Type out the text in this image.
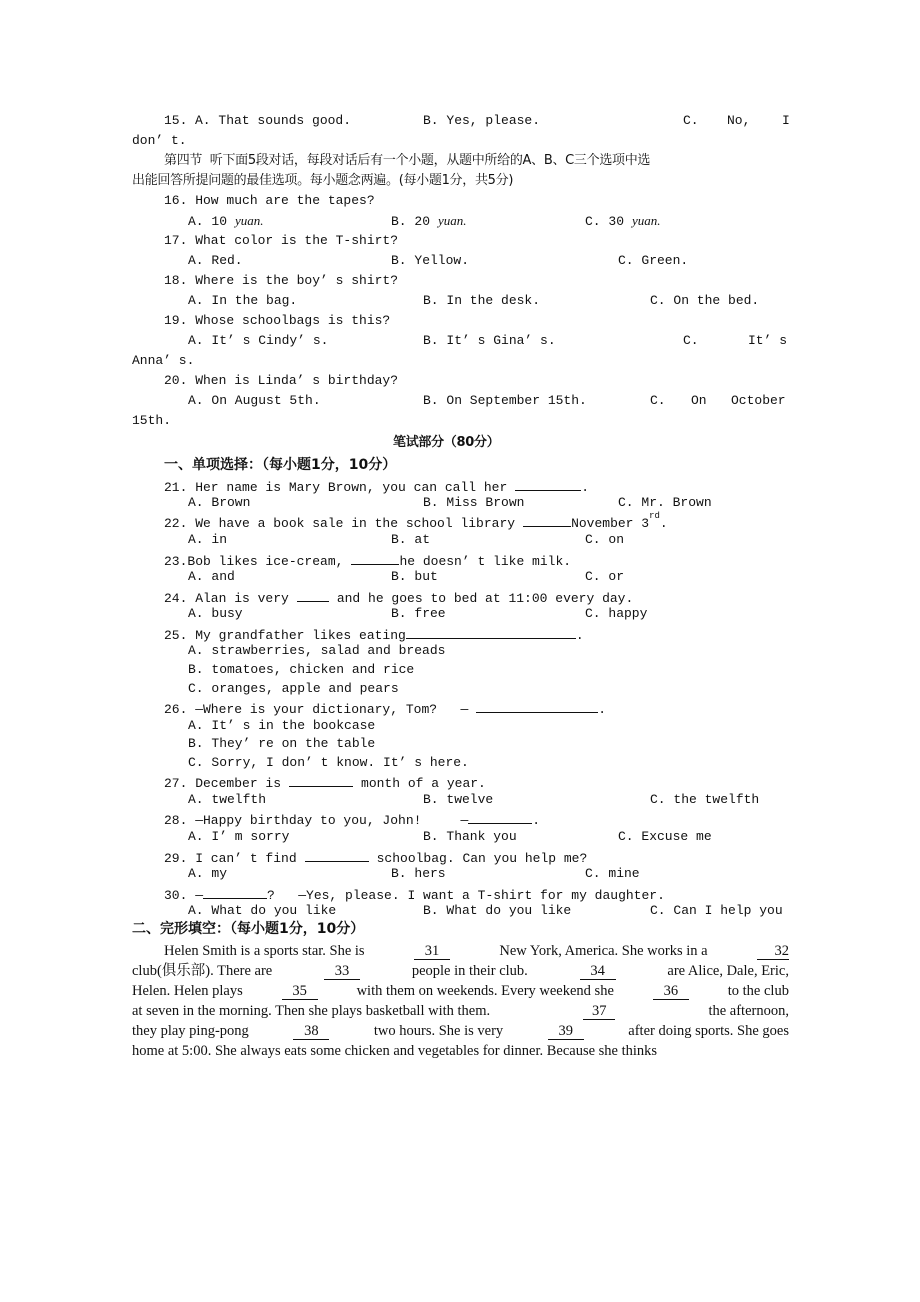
15. A. That sounds good.	B. Yes, please.	C. No, I
don’ t.
第四节  听下面5段对话，每段对话后有一个小题，从题中所给的A、B、C三个选项中选
出能回答所提问题的最佳选项。每小题念两遍。(每小题1分，共5分)
16. How much are the tapes?
A. 10 yuan.	B. 20 yuan.	C. 30 yuan.
17. What color is the T-shirt?
A. Red.	B. Yellow.	C. Green.
18. Where is the boy’ s shirt?
A. In the bag.	B. In the desk.	C. On the bed.
19. Whose schoolbags is this?
A. It’ s Cindy’ s.	B. It’ s Gina’ s.	C.	It’ s
Anna’ s.
20. When is Linda’ s birthday?
A. On August 5th.	B. On September 15th.	C. On October
15th.
笔试部分（80分）
一、单项选择：（每小题1分，10分）
21. Her name is Mary Brown, you can call her	.
A. Brown	B. Miss Brown	C. Mr. Brown
22. We have a book sale in the school library	November 3rd .
A. in	B. at	C. on
23.Bob likes ice-cream,	he doesn’ t like milk.
A. and	B. but	C. or
24. Alan is very	and he goes to bed at 11:00 every day.
A. busy	B. free	C. happy
25. My grandfather likes eating	.
A. strawberries, salad and breads
B. tomatoes, chicken and rice
C. oranges, apple and pears
26. —Where is your dictionary, Tom?   —	.
A. It’ s in the bookcase
B. They’ re on the table
C. Sorry, I don’ t know. It’ s here.
27. December is	month of a year.
A. twelfth	B. twelve	C. the twelfth
28. —Happy birthday to you, John!     —	.
A. I’ m sorry	B. Thank you	C. Excuse me
29. I can’ t find	schoolbag. Can you help me?
A. my	B. hers	C. mine
30. —	?   —Yes, please. I want a T-shirt for my daughter.
A. What do you like	B. What do you like	C. Can I help you
二、完形填空：（每小题1分，10分）
Helen Smith is a sports star. She is	31	New York, America. She works in a	32
club(俱乐部). There are	33	people in their club.	34	are Alice, Dale, Eric,
Helen. Helen plays	35	with them on weekends. Every weekend she	36	to the club
at seven in the morning. Then she plays basketball with them.	37	the afternoon,
they play ping-pong	38	two hours. She is very	39	after doing sports. She goes
home at 5:00. She always eats some chicken and vegetables for dinner. Because she thinks
